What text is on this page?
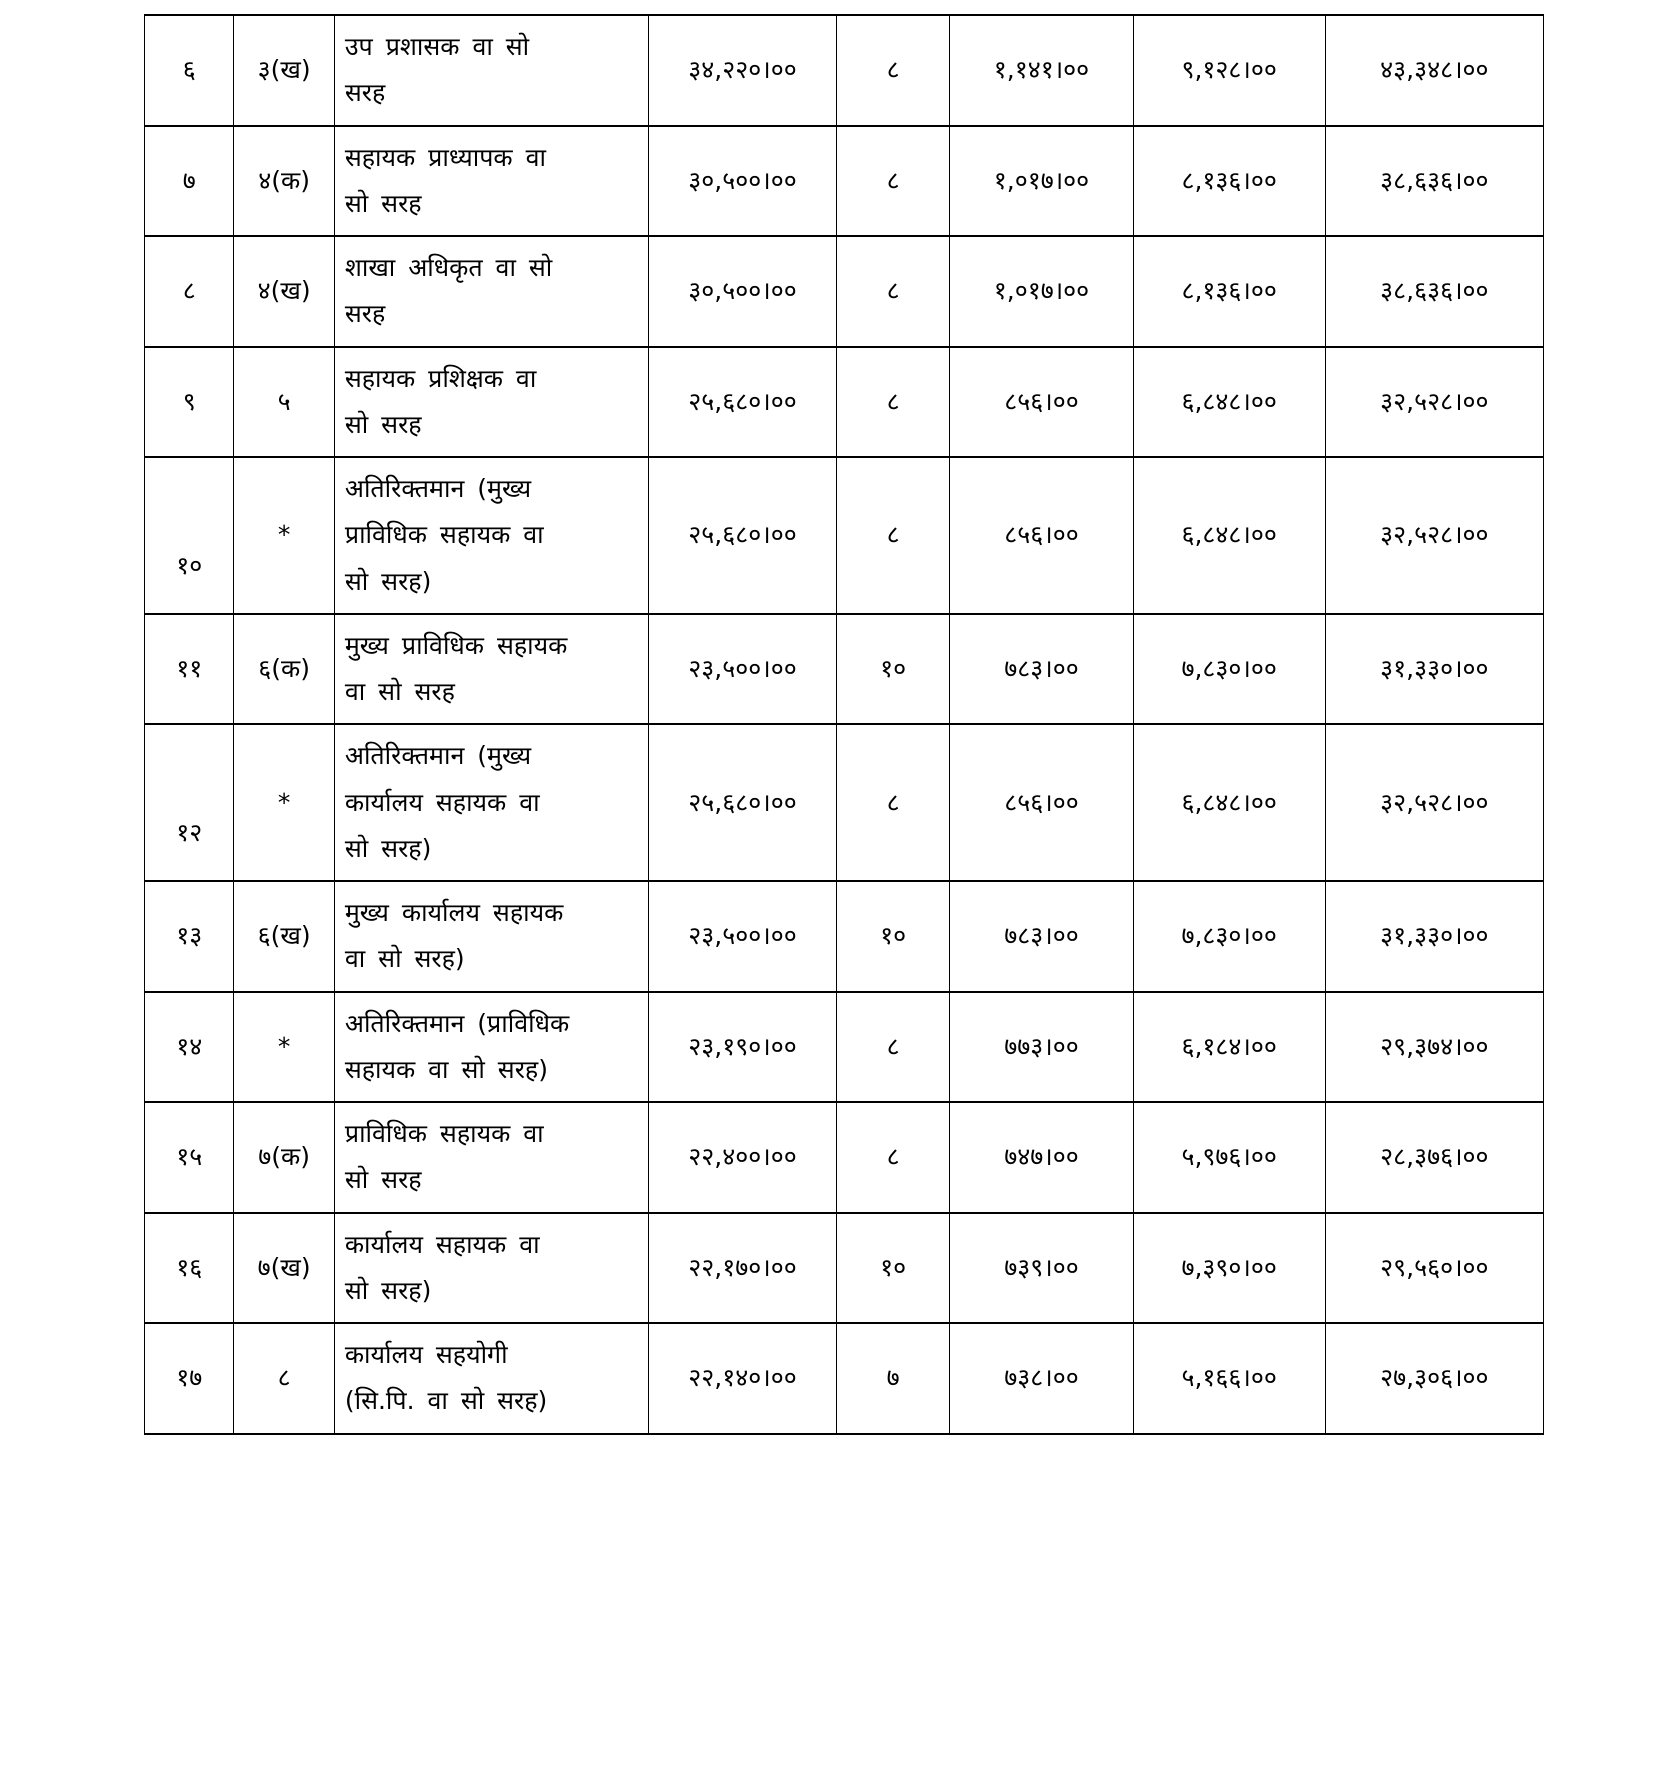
६	३(ख)	उप प्रशासक वा सो
सरह	३४,२२०।००	८	१,१४१।००	९,१२८।००	४३,३४८।००
७	४(क)	सहायक प्राध्यापक वा
सो सरह	३०,५००।००	८	१,०१७।००	८,१३६।००	३८,६३६।००
८	४(ख)	शाखा अधिकृत वा सो
सरह	३०,५००।००	८	१,०१७।००	८,१३६।००	३८,६३६।००
९	५	सहायक प्रशिक्षक वा
सो सरह	२५,६८०।००	८	८५६।००	६,८४८।००	३२,५२८।००
१०	*	अतिरिक्तमान (मुख्य
प्राविधिक सहायक वा
सो सरह)	२५,६८०।००	८	८५६।००	६,८४८।००	३२,५२८।००
११	६(क)	मुख्य प्राविधिक सहायक
वा सो सरह	२३,५००।००	१०	७८३।००	७,८३०।००	३१,३३०।००
१२	*	अतिरिक्तमान (मुख्य
कार्यालय सहायक वा
सो सरह)	२५,६८०।००	८	८५६।००	६,८४८।००	३२,५२८।००
१३	६(ख)	मुख्य कार्यालय सहायक
वा सो सरह)	२३,५००।००	१०	७८३।००	७,८३०।००	३१,३३०।००
१४	*	अतिरिक्तमान (प्राविधिक
सहायक वा सो सरह)	२३,१९०।००	८	७७३।००	६,१८४।००	२९,३७४।००
१५	७(क)	प्राविधिक सहायक वा
सो सरह	२२,४००।००	८	७४७।००	५,९७६।००	२८,३७६।००
१६	७(ख)	कार्यालय सहायक वा
सो सरह)	२२,१७०।००	१०	७३९।००	७,३९०।००	२९,५६०।००
१७	८	कार्यालय सहयोगी
(सि.पि. वा सो सरह)	२२,१४०।००	७	७३८।००	५,१६६।००	२७,३०६।००
